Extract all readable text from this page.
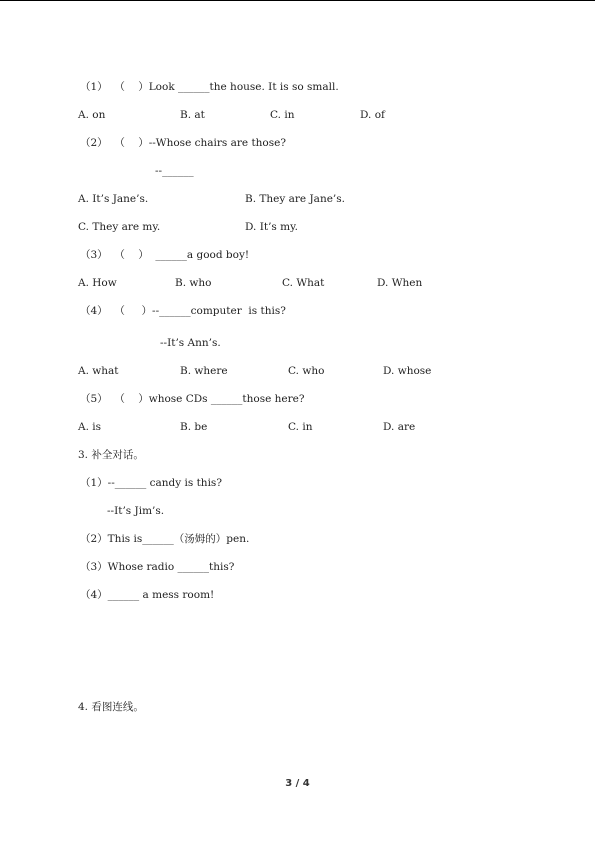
（1）  （    ）Look ______the house. It is so small.
A. on	B. at	C. in	D. of
（2）  （    ）--Whose chairs are those?
--______
A. It’s Jane’s.	B. They are Jane’s.
C. They are my.	D. It’s my.
（3）  （    ）  ______a good boy!
A. How	B. who	C. What	D. When
（4）  （     ）--______computer  is this?
--It’s Ann’s.
A. what	B. where	C. who	D. whose
（5）  （    ）whose CDs ______those here?
A. is	B. be	C. in	D. are
3. 补全对话。
（1）--______ candy is this?
--It’s Jim’s.
（2）This is______（汤姆的）pen.
（3）Whose radio ______this?
（4）______ a mess room!
4. 看图连线。
3 / 4
